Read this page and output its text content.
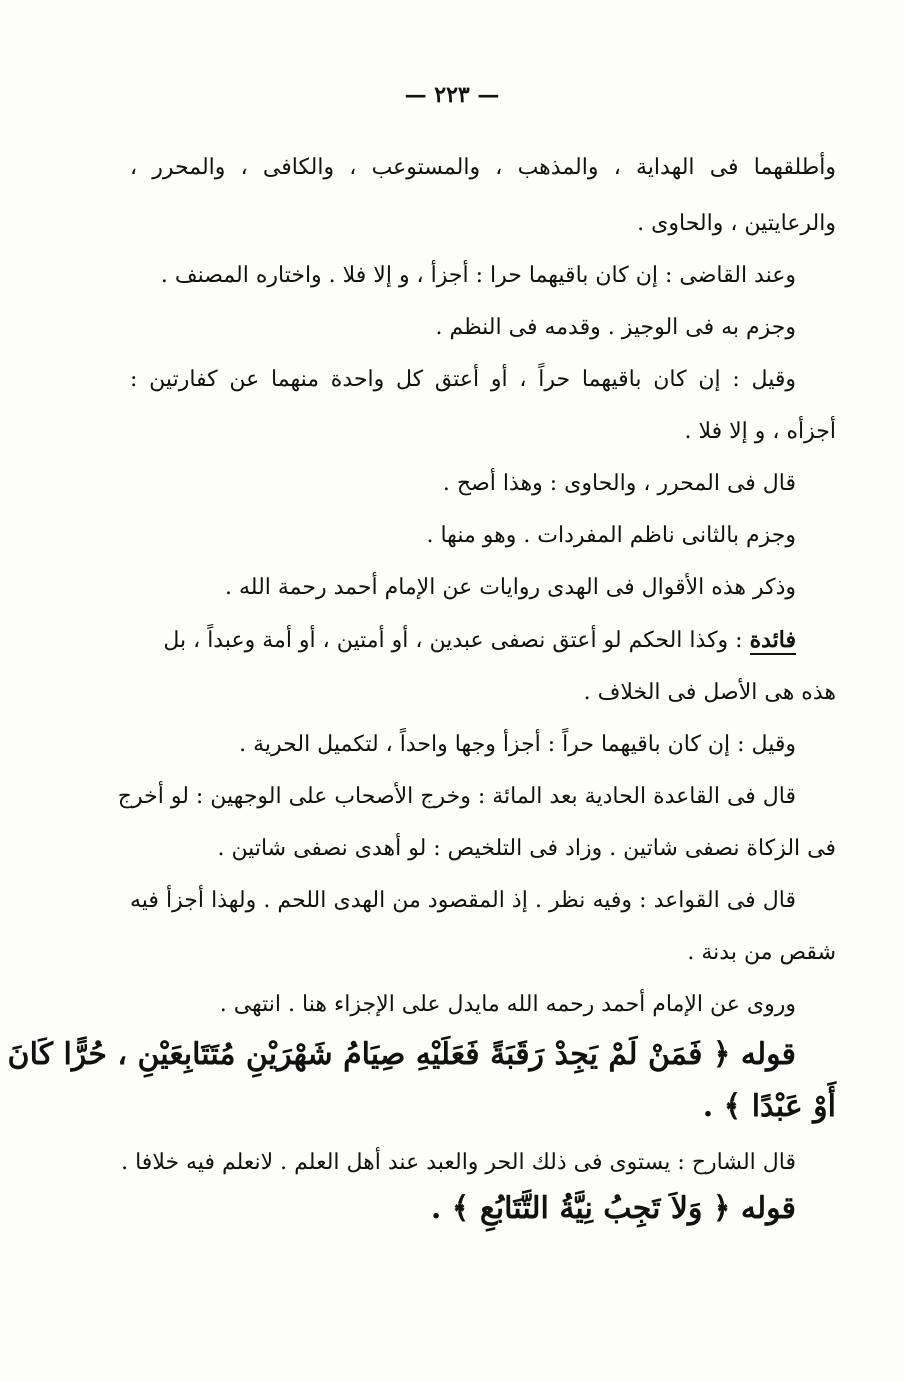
— ٢٢٣ —
وأطلقهما فى الهداية ، والمذهب ، والمستوعب ، والكافى ، والمحرر ،
والرعايتين ، والحاوى .
وعند القاضى : إن كان باقيهما حرا : أجزأ ، و إلا فلا . واختاره المصنف .
وجزم به فى الوجيز . وقدمه فى النظم .
وقيل : إن كان باقيهما حراً ، أو أعتق كل واحدة منهما عن كفارتين :
أجزأه ، و إلا فلا .
قال فى المحرر ، والحاوى : وهذا أصح .
وجزم بالثانى ناظم المفردات . وهو منها .
وذكر هذه الأقوال فى الهدى روايات عن الإمام أحمد رحمة الله .
فائدة : وكذا الحكم لو أعتق نصفى عبدين ، أو أمتين ، أو أمة وعبداً ، بل
هذه هى الأصل فى الخلاف .
وقيل : إن كان باقيهما حراً : أجزأ وجها واحداً ، لتكميل الحرية .
قال فى القاعدة الحادية بعد المائة : وخرج الأصحاب على الوجهين : لو أخرج
فى الزكاة نصفى شاتين . وزاد فى التلخيص : لو أهدى نصفى شاتين .
قال فى القواعد : وفيه نظر . إذ المقصود من الهدى اللحم . ولهذا أجزأ فيه
شقص من بدنة .
وروى عن الإمام أحمد رحمه الله مايدل على الإجزاء هنا . انتهى .
قوله ﴿ فَمَنْ لَمْ يَجِدْ رَقَبَةً فَعَلَيْهِ صِيَامُ شَهْرَيْنِ مُتَتَابِعَيْنِ ، حُرًّا كَانَ
أَوْ عَبْدًا ﴾ .
قال الشارح : يستوى فى ذلك الحر والعبد عند أهل العلم . لانعلم فيه خلافا .
قوله ﴿ وَلاَ تَجِبُ نِيَّةُ التَّتَابُعِ ﴾ .
